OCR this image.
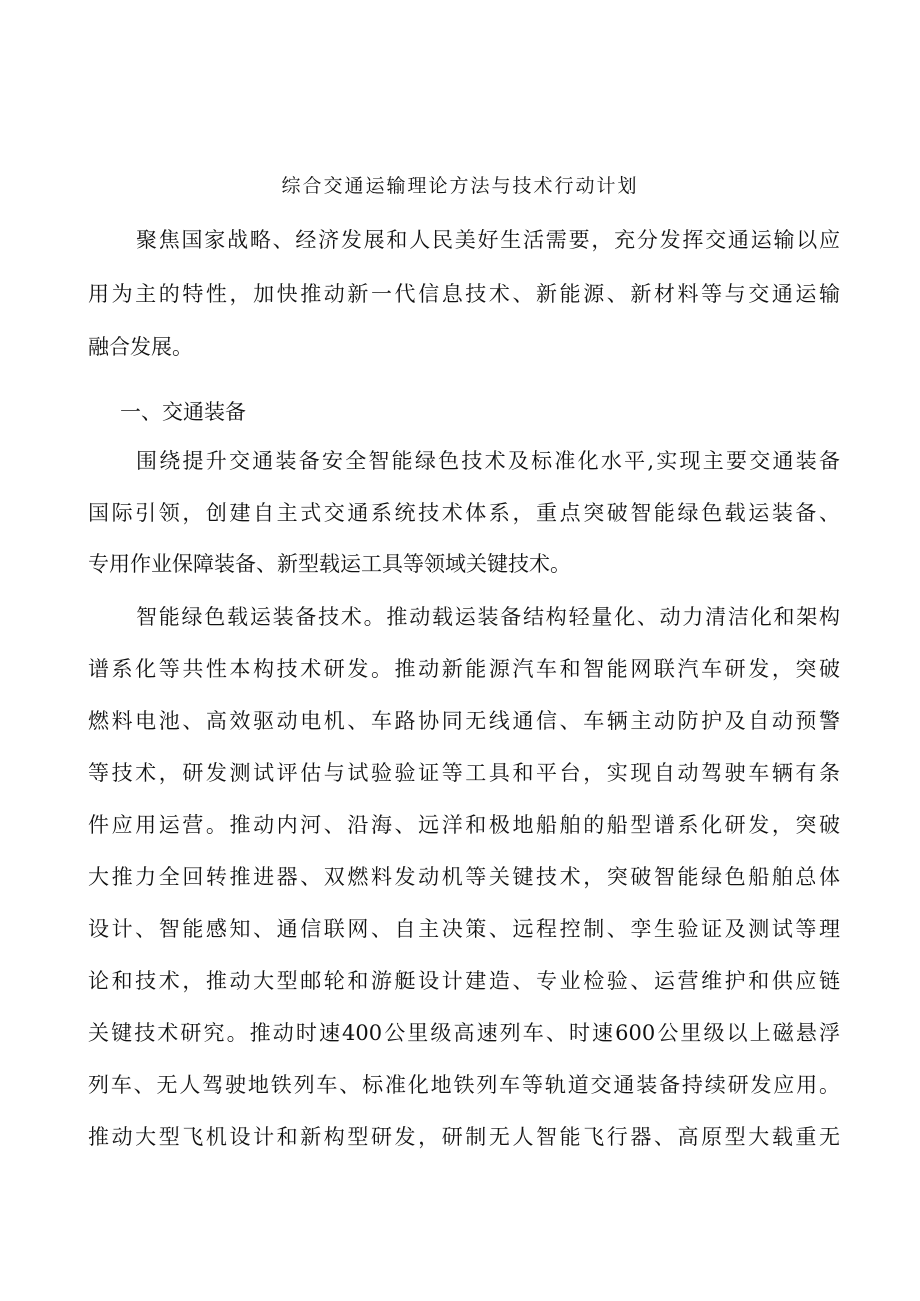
综合交通运输理论方法与技术行动计划

聚焦国家战略、经济发展和人民美好生活需要，充分发挥交通运输以应

用为主的特性，加快推动新一代信息技术、新能源、新材料等与交通运输

融合发展。

一、交通装备

围绕提升交通装备安全智能绿色技术及标准化水平,实现主要交通装备

国际引领，创建自主式交通系统技术体系，重点突破智能绿色载运装备、

专用作业保障装备、新型载运工具等领域关键技术。

智能绿色载运装备技术。推动载运装备结构轻量化、动力清洁化和架构

谱系化等共性本构技术研发。推动新能源汽车和智能网联汽车研发，突破

燃料电池、高效驱动电机、车路协同无线通信、车辆主动防护及自动预警

等技术，研发测试评估与试验验证等工具和平台，实现自动驾驶车辆有条

件应用运营。推动内河、沿海、远洋和极地船舶的船型谱系化研发，突破

大推力全回转推进器、双燃料发动机等关键技术，突破智能绿色船舶总体

设计、智能感知、通信联网、自主决策、远程控制、孪生验证及测试等理

论和技术，推动大型邮轮和游艇设计建造、专业检验、运营维护和供应链

关键技术研究。推动时速400公里级高速列车、时速600公里级以上磁悬浮

列车、无人驾驶地铁列车、标准化地铁列车等轨道交通装备持续研发应用。

推动大型飞机设计和新构型研发，研制无人智能飞行器、高原型大载重无
